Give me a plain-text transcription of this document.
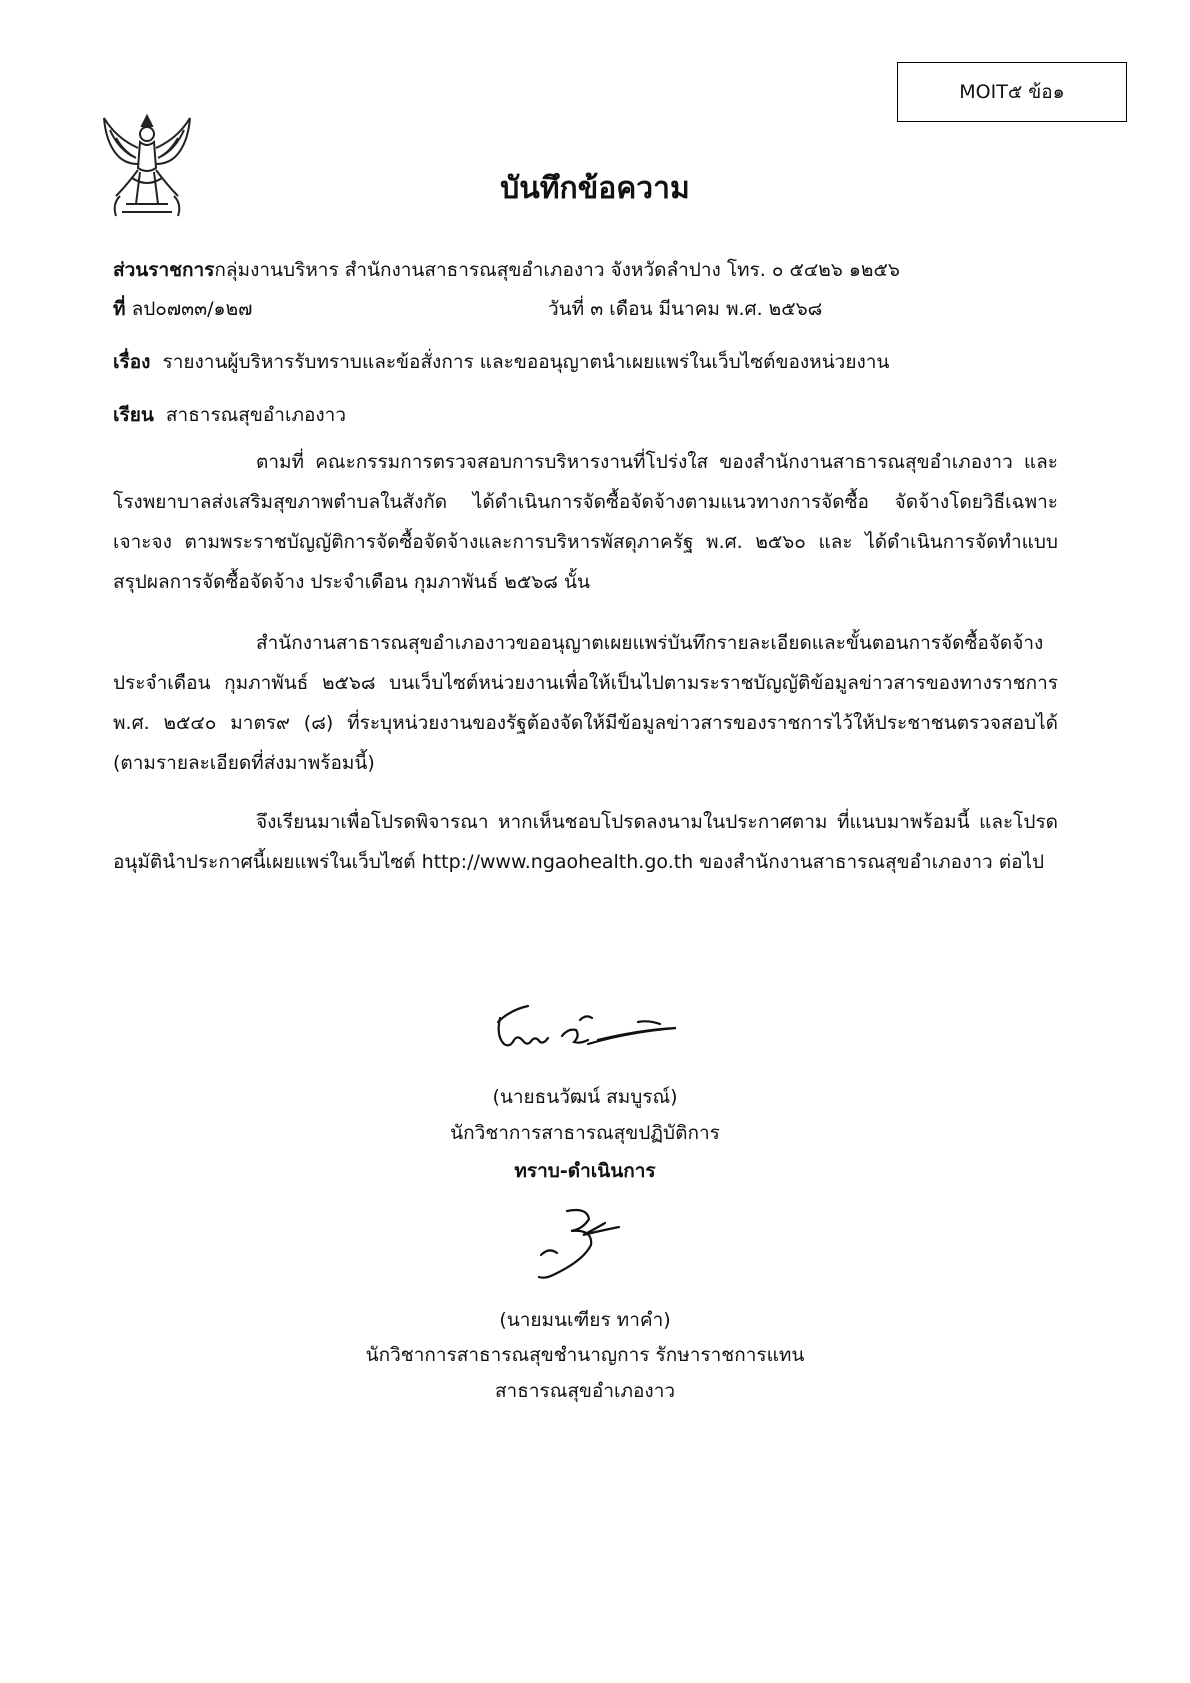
MOIT๕ ข้อ๑
บันทึกข้อความ
ส่วนราชการกลุ่มงานบริหาร สำนักงานสาธารณสุขอำเภองาว จังหวัดลำปาง โทร. ๐ ๕๔๒๖ ๑๒๕๖
ที่ ลป๐๗๓๓/๑๒๗	วันที่ ๓ เดือน มีนาคม พ.ศ. ๒๕๖๘
เรื่อง รายงานผู้บริหารรับทราบและข้อสั่งการ และขออนุญาตนำเผยแพร่ในเว็บไซต์ของหน่วยงาน
เรียน สาธารณสุขอำเภองาว
ตามที่ คณะกรรมการตรวจสอบการบริหารงานที่โปร่งใส ของสำนักงานสาธารณสุขอำเภองาว และโรงพยาบาลส่งเสริมสุขภาพตำบลในสังกัด ได้ดำเนินการจัดซื้อจัดจ้างตามแนวทางการจัดซื้อ จัดจ้างโดยวิธีเฉพาะเจาะจง ตามพระราชบัญญัติการจัดซื้อจัดจ้างและการบริหารพัสดุภาครัฐ พ.ศ. ๒๕๖๐ และ ได้ดำเนินการจัดทำแบบสรุปผลการจัดซื้อจัดจ้าง ประจำเดือน กุมภาพันธ์ ๒๕๖๘ นั้น
สำนักงานสาธารณสุขอำเภองาวขออนุญาตเผยแพร่บันทึกรายละเอียดและขั้นตอนการจัดซื้อจัดจ้าง ประจำเดือน กุมภาพันธ์ ๒๕๖๘ บนเว็บไซต์หน่วยงานเพื่อให้เป็นไปตามระราชบัญญัติข้อมูลข่าวสารของทางราชการ พ.ศ. ๒๕๔๐ มาตร๙ (๘) ที่ระบุหน่วยงานของรัฐต้องจัดให้มีข้อมูลข่าวสารของราชการไว้ให้ประชาชนตรวจสอบได้ (ตามรายละเอียดที่ส่งมาพร้อมนี้)
จึงเรียนมาเพื่อโปรดพิจารณา หากเห็นชอบโปรดลงนามในประกาศตาม ที่แนบมาพร้อมนี้ และโปรดอนุมัตินำประกาศนี้เผยแพร่ในเว็บไซต์ http://www.ngaohealth.go.th ของสำนักงานสาธารณสุขอำเภองาว ต่อไป
(นายธนวัฒน์ สมบูรณ์)
นักวิชาการสาธารณสุขปฏิบัติการ
ทราบ-ดำเนินการ
(นายมนเฑียร ทาคำ)
นักวิชาการสาธารณสุขชำนาญการ รักษาราชการแทน
สาธารณสุขอำเภองาว
